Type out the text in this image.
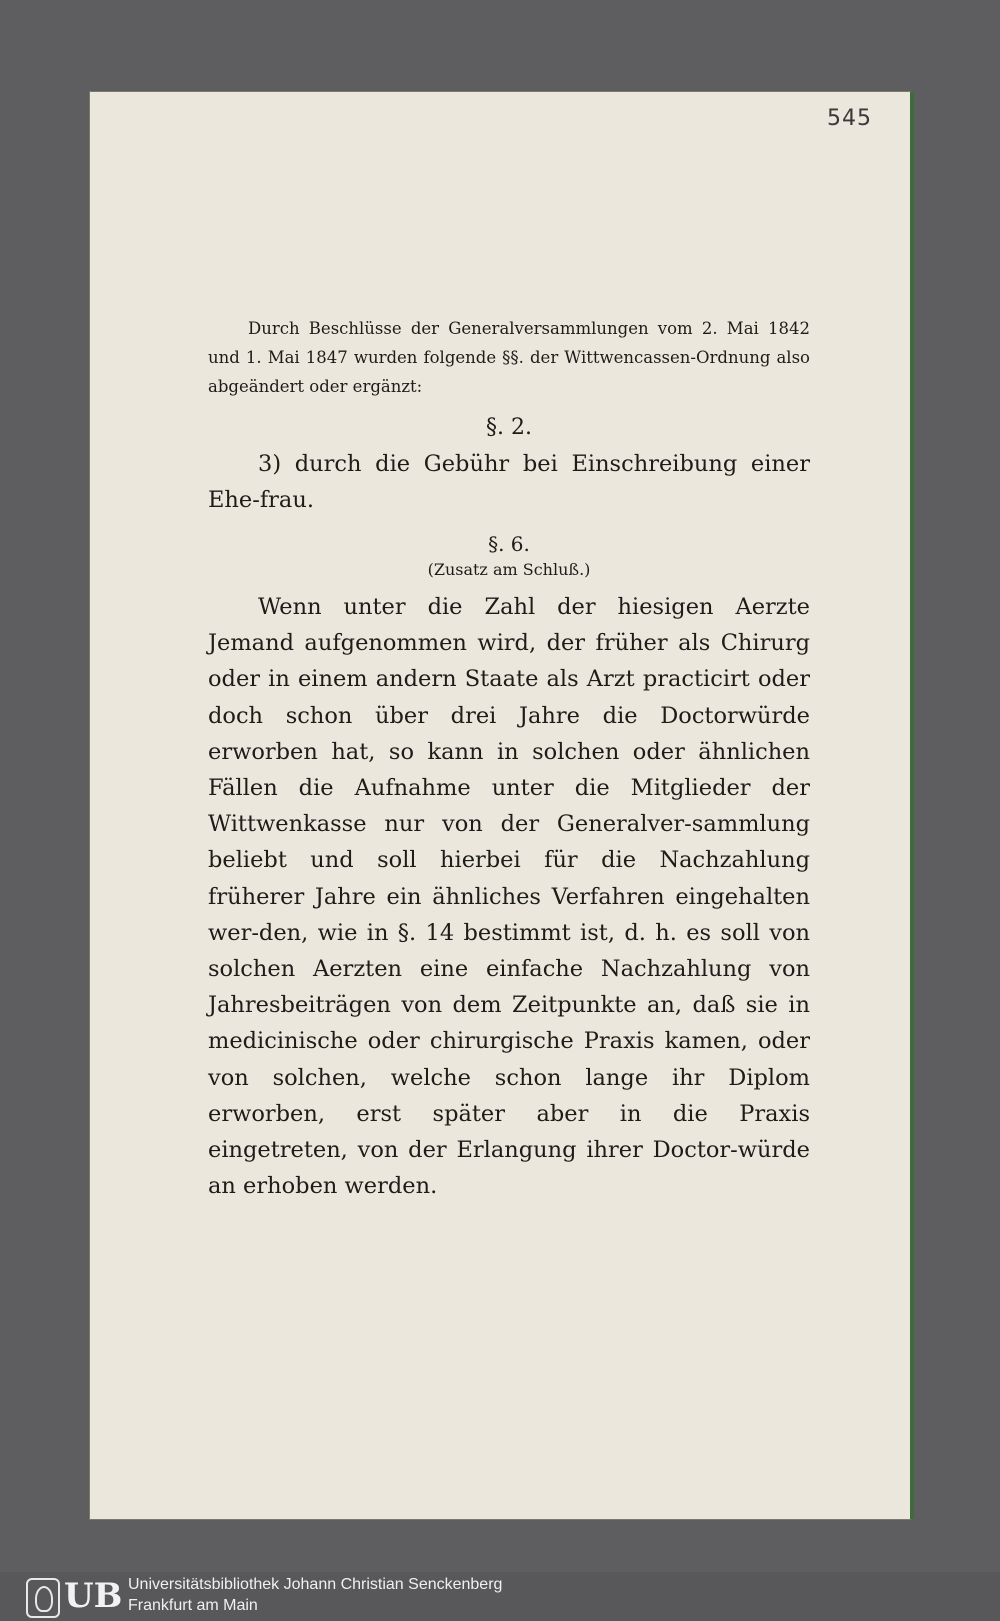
545

Durch Beschlüsse der Generalversammlungen vom 2. Mai 1842 und 1. Mai 1847 wurden folgende §§. der Wittwencassen-Ordnung also abgeändert oder ergänzt:

§. 2.

3) durch die Gebühr bei Einschreibung einer Ehe-frau.

§. 6.
(Zusatz am Schluß.)

Wenn unter die Zahl der hiesigen Aerzte Jemand aufgenommen wird, der früher als Chirurg oder in einem andern Staate als Arzt practicirt oder doch schon über drei Jahre die Doctorwürde erworben hat, so kann in solchen oder ähnlichen Fällen die Aufnahme unter die Mitglieder der Wittwenkasse nur von der Generalver-sammlung beliebt und soll hierbei für die Nachzahlung früherer Jahre ein ähnliches Verfahren eingehalten wer-den, wie in §. 14 bestimmt ist, d. h. es soll von solchen Aerzten eine einfache Nachzahlung von Jahresbeiträgen von dem Zeitpunkte an, daß sie in medicinische oder chirurgische Praxis kamen, oder von solchen, welche schon lange ihr Diplom erworben, erst später aber in die Praxis eingetreten, von der Erlangung ihrer Doctor-würde an erhoben werden.

UB Universitätsbibliothek Johann Christian Senckenberg
Frankfurt am Main
